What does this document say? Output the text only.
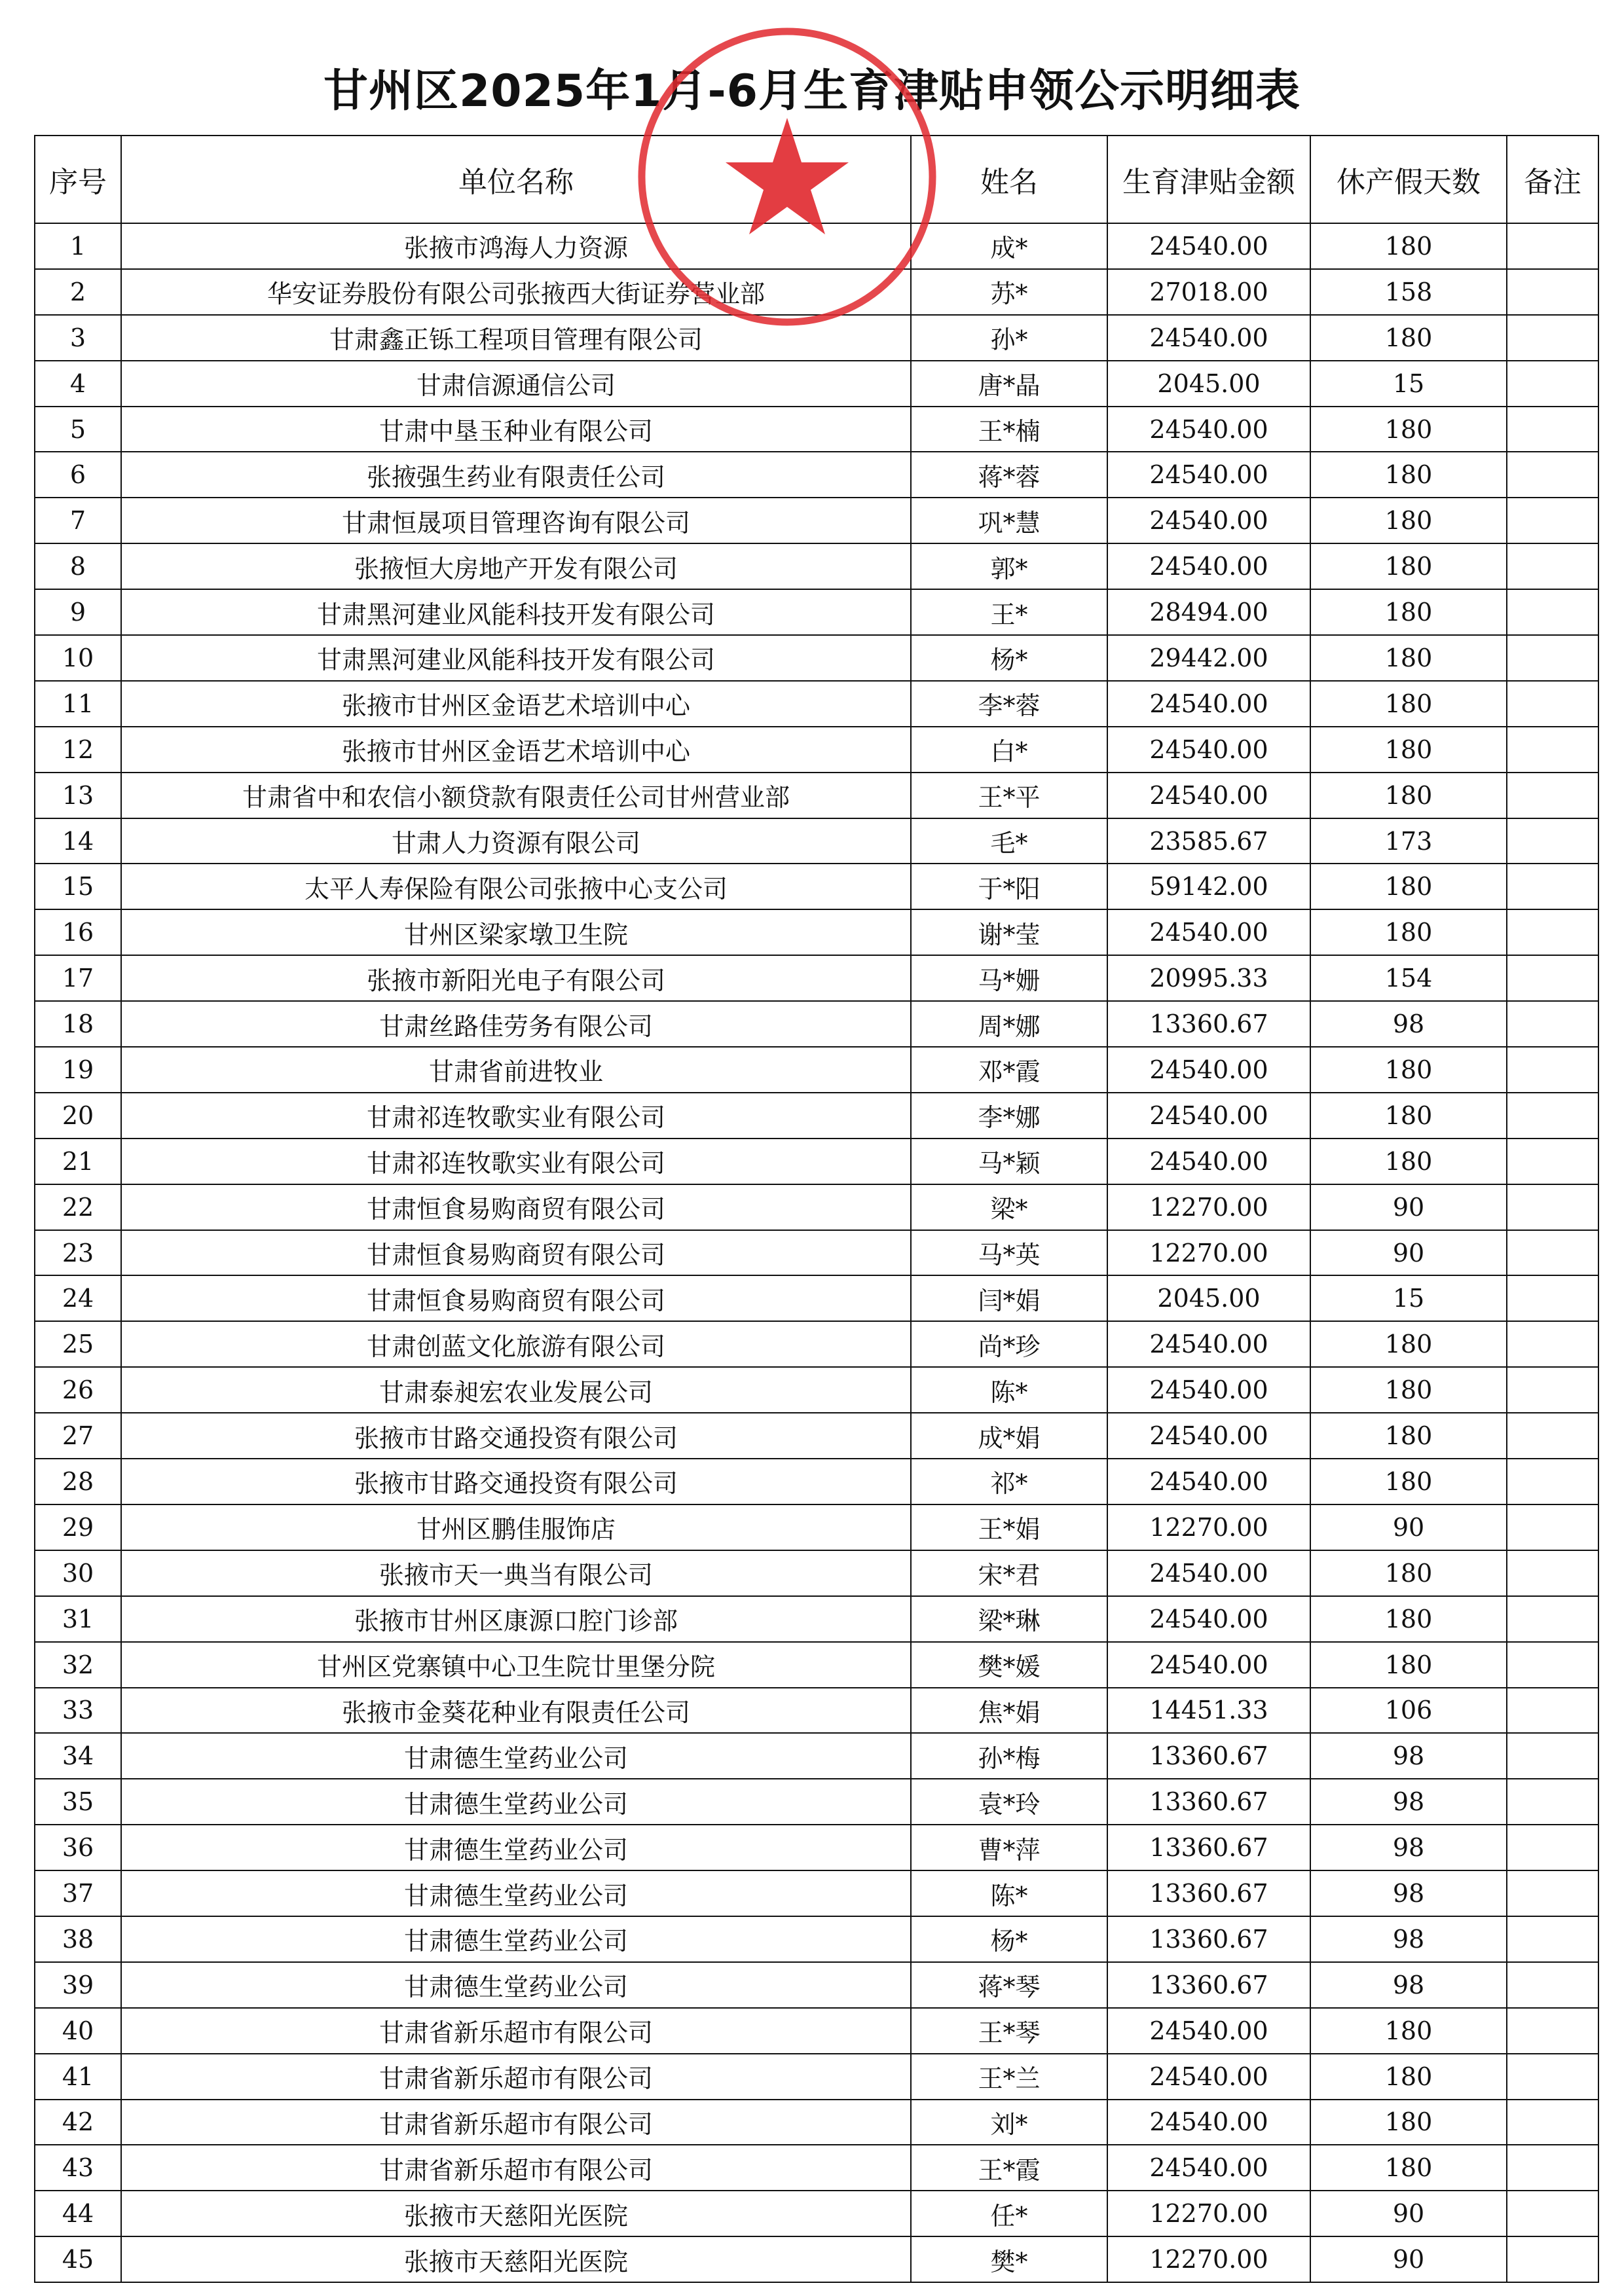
甘州区2025年1月-6月生育津贴申领公示明细表
序号	单位名称	姓名	生育津贴金额	休产假天数	备注
1	张掖市鸿海人力资源	成*	24540.00	180	
2	华安证券股份有限公司张掖西大街证券营业部	苏*	27018.00	158	
3	甘肃鑫正铄工程项目管理有限公司	孙*	24540.00	180	
4	甘肃信源通信公司	唐*晶	2045.00	15	
5	甘肃中垦玉种业有限公司	王*楠	24540.00	180	
6	张掖强生药业有限责任公司	蒋*蓉	24540.00	180	
7	甘肃恒晟项目管理咨询有限公司	巩*慧	24540.00	180	
8	张掖恒大房地产开发有限公司	郭*	24540.00	180	
9	甘肃黑河建业风能科技开发有限公司	王*	28494.00	180	
10	甘肃黑河建业风能科技开发有限公司	杨*	29442.00	180	
11	张掖市甘州区金语艺术培训中心	李*蓉	24540.00	180	
12	张掖市甘州区金语艺术培训中心	白*	24540.00	180	
13	甘肃省中和农信小额贷款有限责任公司甘州营业部	王*平	24540.00	180	
14	甘肃人力资源有限公司	毛*	23585.67	173	
15	太平人寿保险有限公司张掖中心支公司	于*阳	59142.00	180	
16	甘州区梁家墩卫生院	谢*莹	24540.00	180	
17	张掖市新阳光电子有限公司	马*姗	20995.33	154	
18	甘肃丝路佳劳务有限公司	周*娜	13360.67	98	
19	甘肃省前进牧业	邓*霞	24540.00	180	
20	甘肃祁连牧歌实业有限公司	李*娜	24540.00	180	
21	甘肃祁连牧歌实业有限公司	马*颖	24540.00	180	
22	甘肃恒食易购商贸有限公司	梁*	12270.00	90	
23	甘肃恒食易购商贸有限公司	马*英	12270.00	90	
24	甘肃恒食易购商贸有限公司	闫*娟	2045.00	15	
25	甘肃创蓝文化旅游有限公司	尚*珍	24540.00	180	
26	甘肃泰昶宏农业发展公司	陈*	24540.00	180	
27	张掖市甘路交通投资有限公司	成*娟	24540.00	180	
28	张掖市甘路交通投资有限公司	祁*	24540.00	180	
29	甘州区鹏佳服饰店	王*娟	12270.00	90	
30	张掖市天一典当有限公司	宋*君	24540.00	180	
31	张掖市甘州区康源口腔门诊部	梁*琳	24540.00	180	
32	甘州区党寨镇中心卫生院廿里堡分院	樊*媛	24540.00	180	
33	张掖市金葵花种业有限责任公司	焦*娟	14451.33	106	
34	甘肃德生堂药业公司	孙*梅	13360.67	98	
35	甘肃德生堂药业公司	袁*玲	13360.67	98	
36	甘肃德生堂药业公司	曹*萍	13360.67	98	
37	甘肃德生堂药业公司	陈*	13360.67	98	
38	甘肃德生堂药业公司	杨*	13360.67	98	
39	甘肃德生堂药业公司	蒋*琴	13360.67	98	
40	甘肃省新乐超市有限公司	王*琴	24540.00	180	
41	甘肃省新乐超市有限公司	王*兰	24540.00	180	
42	甘肃省新乐超市有限公司	刘*	24540.00	180	
43	甘肃省新乐超市有限公司	王*霞	24540.00	180	
44	张掖市天慈阳光医院	任*	12270.00	90	
45	张掖市天慈阳光医院	樊*	12270.00	90	
